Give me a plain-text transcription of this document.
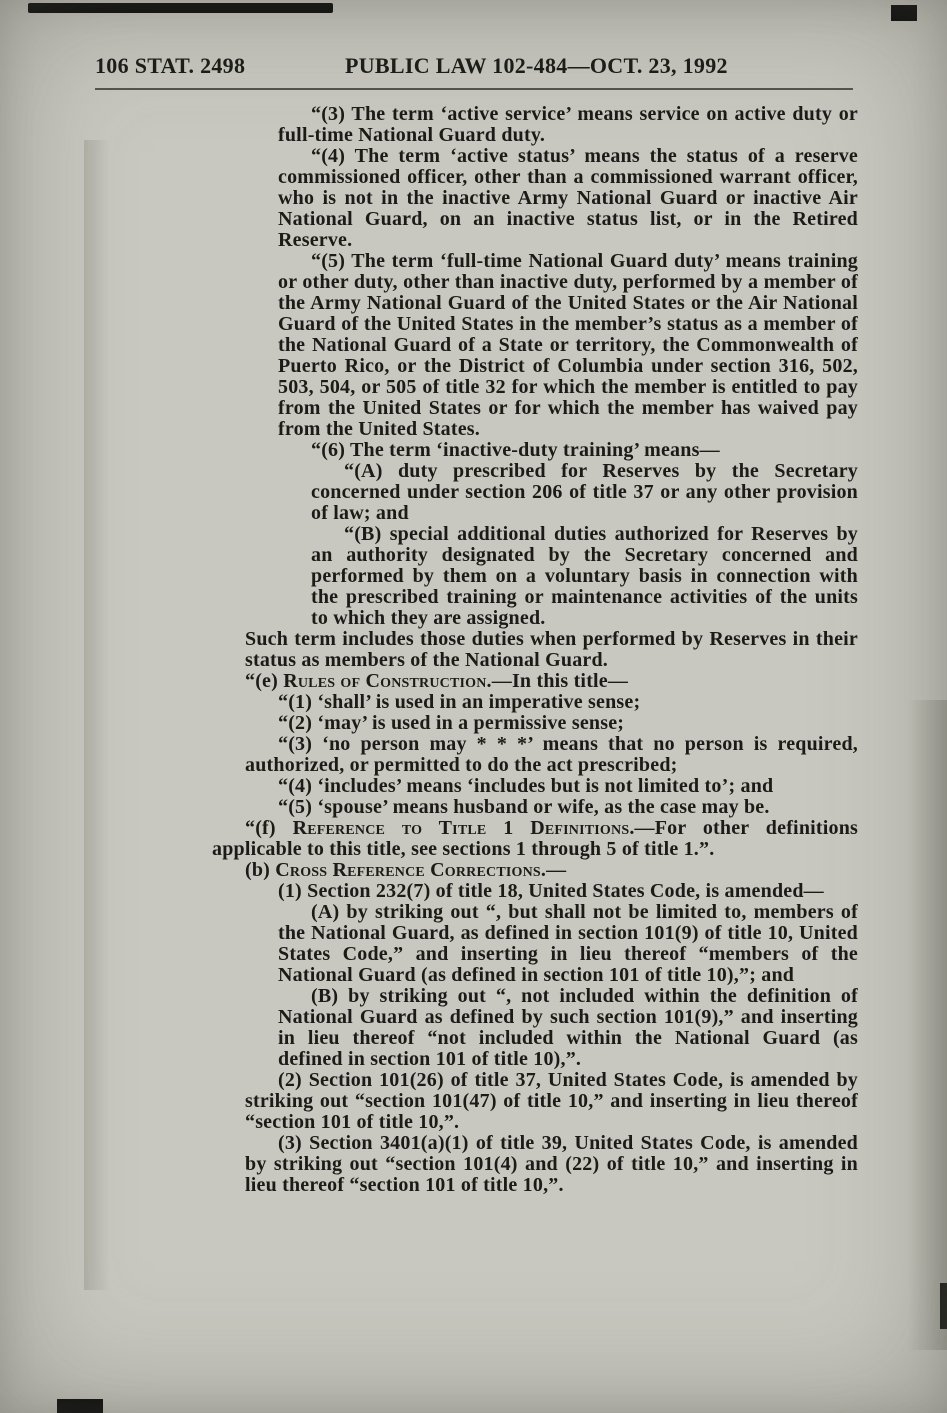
106 STAT. 2498	PUBLIC LAW 102-484—OCT. 23, 1992

“(3) The term ‘active service’ means service on active duty or full-time National Guard duty.

“(4) The term ‘active status’ means the status of a reserve commissioned officer, other than a commissioned warrant officer, who is not in the inactive Army National Guard or inactive Air National Guard, on an inactive status list, or in the Retired Reserve.

“(5) The term ‘full-time National Guard duty’ means training or other duty, other than inactive duty, performed by a member of the Army National Guard of the United States or the Air National Guard of the United States in the member’s status as a member of the National Guard of a State or territory, the Commonwealth of Puerto Rico, or the District of Columbia under section 316, 502, 503, 504, or 505 of title 32 for which the member is entitled to pay from the United States or for which the member has waived pay from the United States.

“(6) The term ‘inactive-duty training’ means—

“(A) duty prescribed for Reserves by the Secretary concerned under section 206 of title 37 or any other provision of law; and

“(B) special additional duties authorized for Reserves by an authority designated by the Secretary concerned and performed by them on a voluntary basis in connection with the prescribed training or maintenance activities of the units to which they are assigned.

Such term includes those duties when performed by Reserves in their status as members of the National Guard.

“(e) Rules of Construction.—In this title—

“(1) ‘shall’ is used in an imperative sense;

“(2) ‘may’ is used in a permissive sense;

“(3) ‘no person may * * *’ means that no person is required, authorized, or permitted to do the act prescribed;

“(4) ‘includes’ means ‘includes but is not limited to’; and

“(5) ‘spouse’ means husband or wife, as the case may be.

“(f) Reference to Title 1 Definitions.—For other definitions applicable to this title, see sections 1 through 5 of title 1.”.

(b) Cross Reference Corrections.—

(1) Section 232(7) of title 18, United States Code, is amended—

(A) by striking out “, but shall not be limited to, members of the National Guard, as defined in section 101(9) of title 10, United States Code,” and inserting in lieu thereof “members of the National Guard (as defined in section 101 of title 10),”; and

(B) by striking out “, not included within the definition of National Guard as defined by such section 101(9),” and inserting in lieu thereof “not included within the National Guard (as defined in section 101 of title 10),”.

(2) Section 101(26) of title 37, United States Code, is amended by striking out “section 101(47) of title 10,” and inserting in lieu thereof “section 101 of title 10,”.

(3) Section 3401(a)(1) of title 39, United States Code, is amended by striking out “section 101(4) and (22) of title 10,” and inserting in lieu thereof “section 101 of title 10,”.
